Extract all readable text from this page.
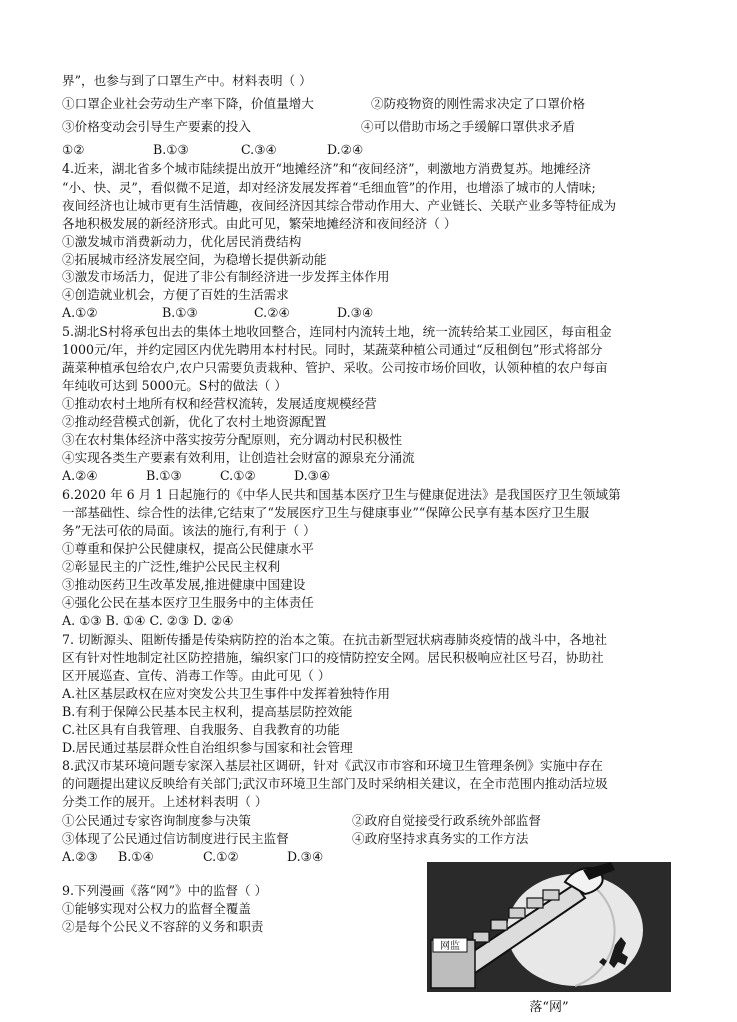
界”，也参与到了口罩生产中。材料表明（ ）
①口罩企业社会劳动生产率下降，价值量增大	②防疫物资的刚性需求决定了口罩价格
③价格变动会引导生产要素的投入	④可以借助市场之手缓解口罩供求矛盾
①②	B.①③	C.③④	D.②④
4.近来，湖北省多个城市陆续提出放开“地摊经济”和“夜间经济”，刺激地方消费复苏。地摊经济
“小、快、灵”，看似微不足道，却对经济发展发挥着“毛细血管”的作用，也增添了城市的人情味;
夜间经济也让城市更有生活情趣，夜间经济因其综合带动作用大、产业链长、关联产业多等特征成为
各地积极发展的新经济形式。由此可见，繁荣地摊经济和夜间经济（ ）
①激发城市消费新动力，优化居民消费结构
②拓展城市经济发展空间，为稳增长提供新动能
③激发市场活力，促进了非公有制经济进一步发挥主体作用
④创造就业机会，方便了百姓的生活需求
A.①②	B.①③	C.②④	D.③④
5.湖北S村将承包出去的集体土地收回整合，连同村内流转土地，统一流转给某工业园区，每亩租金
1000元/年，并约定园区内优先聘用本村村民。同时，某蔬菜种植公司通过“反租倒包”形式将部分
蔬菜种植承包给农户,农户只需要负责栽种、管护、采收。公司按市场价回收，认领种植的农户每亩
年纯收可达到 5000元。S村的做法（ ）
①推动农村土地所有权和经营权流转，发展适度规模经营
②推动经营模式创新，优化了农村土地资源配置
③在农村集体经济中落实按劳分配原则，充分调动村民积极性
④实现各类生产要素有效利用，让创造社会财富的源泉充分涌流
A.②④	B.①③	C.①②	D.③④
6.2020 年 6 月 1 日起施行的《中华人民共和国基本医疗卫生与健康促进法》是我国医疗卫生领域第
一部基础性、综合性的法律,它结束了“发展医疗卫生与健康事业”“保障公民享有基本医疗卫生服
务”无法可依的局面。该法的施行,有利于（ ）
①尊重和保护公民健康权，提高公民健康水平
②彰显民主的广泛性,维护公民民主权利
③推动医药卫生改革发展,推进健康中国建设
④强化公民在基本医疗卫生服务中的主体责任
A. ①③ B. ①④ C. ②③ D. ②④
7. 切断源头、阻断传播是传染病防控的治本之策。在抗击新型冠状病毒肺炎疫情的战斗中，各地社
区有针对性地制定社区防控措施，编织家门口的疫情防控安全网。居民积极响应社区号召，协助社
区开展巡查、宣传、消毒工作等。由此可见（ ）
A.社区基层政权在应对突发公共卫生事件中发挥着独特作用
B.有利于保障公民基本民主权利，提高基层防控效能
C.社区具有自我管理、自我服务、自我教育的功能
D.居民通过基层群众性自治组织参与国家和社会管理
8.武汉市某环境问题专家深入基层社区调研，针对《武汉市市容和环境卫生管理条例》实施中存在
的问题提出建议反映给有关部门;武汉市环境卫生部门及时采纳相关建议，在全市范围内推动活垃圾
分类工作的展开。上述材料表明（ ）
①公民通过专家咨询制度参与决策	②政府自觉接受行政系统外部监督
③体现了公民通过信访制度进行民主监督	④政府坚持求真务实的工作方法
A.②③ B.①④	C.①②	D.③④
9.下列漫画《落“网”》中的监督（ ）
①能够实现对公权力的监督全覆盖
②是每个公民义不容辞的义务和职责
网监
落“网”
